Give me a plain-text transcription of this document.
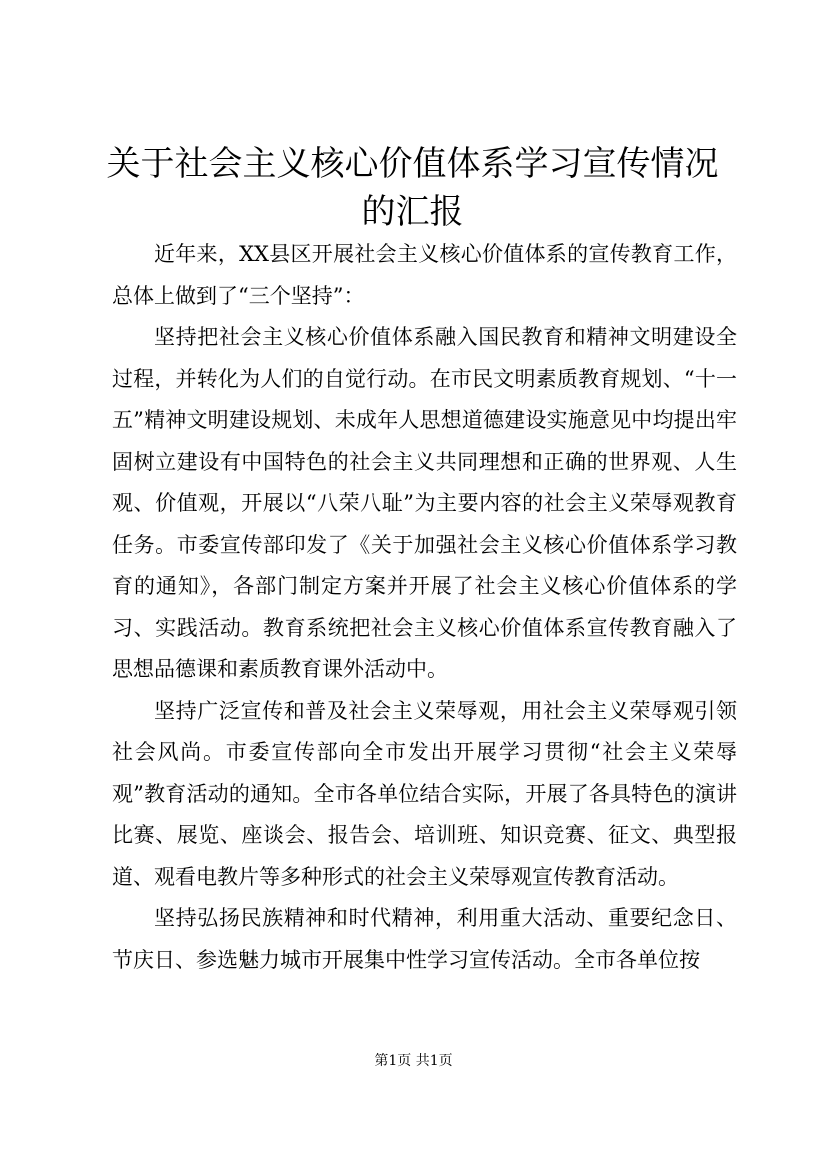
关于社会主义核心价值体系学习宣传情况的汇报

近年来，XX县区开展社会主义核心价值体系的宣传教育工作，总体上做到了“三个坚持”：

坚持把社会主义核心价值体系融入国民教育和精神文明建设全过程，并转化为人们的自觉行动。在市民文明素质教育规划、“十一五”精神文明建设规划、未成年人思想道德建设实施意见中均提出牢固树立建设有中国特色的社会主义共同理想和正确的世界观、人生观、价值观，开展以“八荣八耻”为主要内容的社会主义荣辱观教育任务。市委宣传部印发了《关于加强社会主义核心价值体系学习教育的通知》，各部门制定方案并开展了社会主义核心价值体系的学习、实践活动。教育系统把社会主义核心价值体系宣传教育融入了思想品德课和素质教育课外活动中。

坚持广泛宣传和普及社会主义荣辱观，用社会主义荣辱观引领社会风尚。市委宣传部向全市发出开展学习贯彻“社会主义荣辱观”教育活动的通知。全市各单位结合实际，开展了各具特色的演讲比赛、展览、座谈会、报告会、培训班、知识竞赛、征文、典型报道、观看电教片等多种形式的社会主义荣辱观宣传教育活动。

坚持弘扬民族精神和时代精神，利用重大活动、重要纪念日、节庆日、参选魅力城市开展集中性学习宣传活动。全市各单位按

第1页 共1页
